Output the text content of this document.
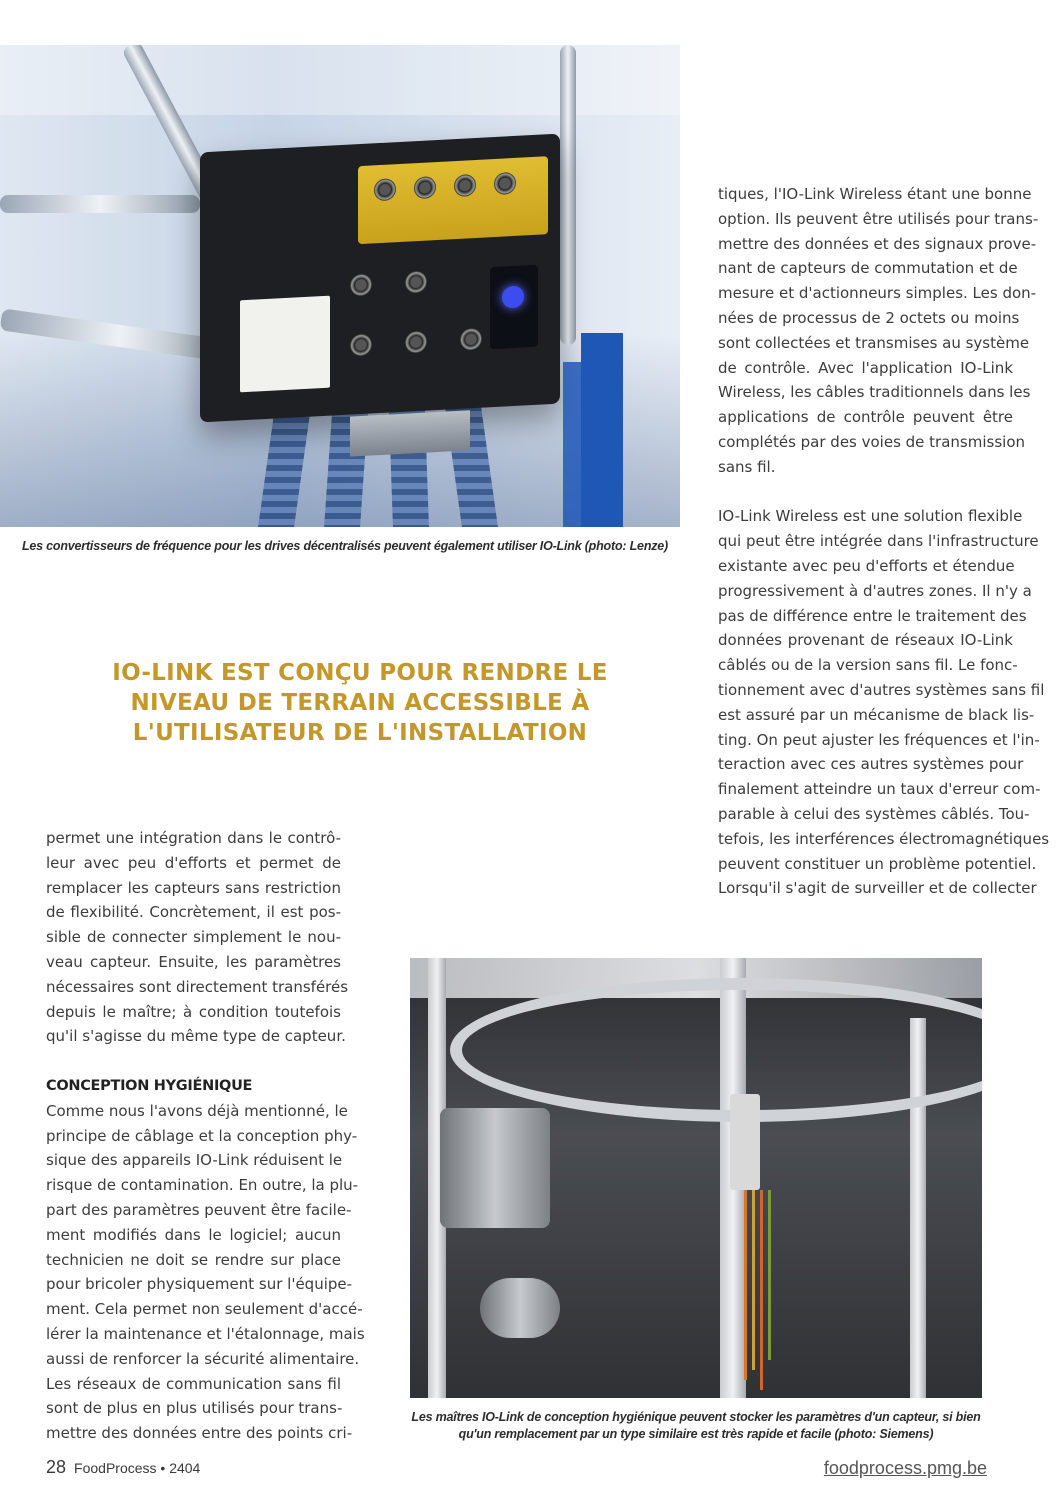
Les convertisseurs de fréquence pour les drives décentralisés peuvent également utiliser IO-Link (photo: Lenze)

IO-LINK EST CONÇU POUR RENDRE LE
NIVEAU DE TERRAIN ACCESSIBLE À
L'UTILISATEUR DE L'INSTALLATION
permet une intégration dans le contrô-
leur avec peu d'efforts et permet de
remplacer les capteurs sans restriction
de flexibilité. Concrètement, il est pos-
sible de connecter simplement le nou-
veau capteur. Ensuite, les paramètres
nécessaires sont directement transférés
depuis le maître; à condition toutefois
qu'il s'agisse du même type de capteur.
CONCEPTION HYGIÉNIQUE
Comme nous l'avons déjà mentionné, le
principe de câblage et la conception phy-
sique des appareils IO-Link réduisent le
risque de contamination. En outre, la plu-
part des paramètres peuvent être facile-
ment modifiés dans le logiciel; aucun
technicien ne doit se rendre sur place
pour bricoler physiquement sur l'équipe-
ment. Cela permet non seulement d'accé-
lérer la maintenance et l'étalonnage, mais
aussi de renforcer la sécurité alimentaire.
Les réseaux de communication sans fil
sont de plus en plus utilisés pour trans-
mettre des données entre des points cri-
tiques, l'IO-Link Wireless étant une bonne
option. Ils peuvent être utilisés pour trans-
mettre des données et des signaux prove-
nant de capteurs de commutation et de
mesure et d'actionneurs simples. Les don-
nées de processus de 2 octets ou moins
sont collectées et transmises au système
de contrôle. Avec l'application IO-Link
Wireless, les câbles traditionnels dans les
applications de contrôle peuvent être
complétés par des voies de transmission
sans fil.
IO-Link Wireless est une solution flexible
qui peut être intégrée dans l'infrastructure
existante avec peu d'efforts et étendue
progressivement à d'autres zones. Il n'y a
pas de différence entre le traitement des
données provenant de réseaux IO-Link
câblés ou de la version sans fil. Le fonc-
tionnement avec d'autres systèmes sans fil
est assuré par un mécanisme de black lis-
ting. On peut ajuster les fréquences et l'in-
teraction avec ces autres systèmes pour
finalement atteindre un taux d'erreur com-
parable à celui des systèmes câblés. Tou-
tefois, les interférences électromagnétiques
peuvent constituer un problème potentiel.
Lorsqu'il s'agit de surveiller et de collecter

Les maîtres IO-Link de conception hygiénique peuvent stocker les paramètres d'un capteur, si bien
qu'un remplacement par un type similaire est très rapide et facile (photo: Siemens)

28 FoodProcess • 2404	foodprocess.pmg.be
